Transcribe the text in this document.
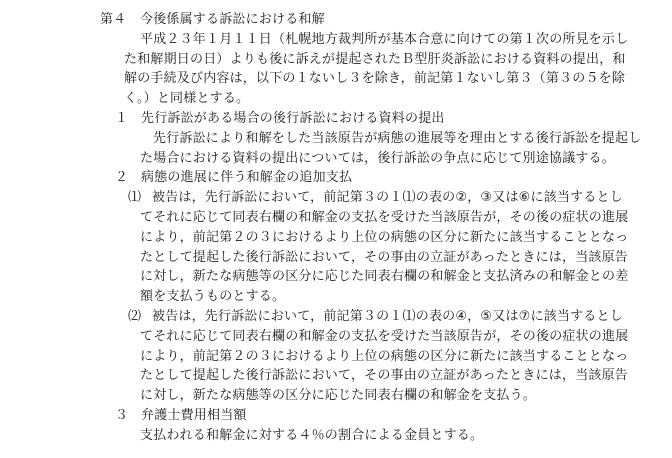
第４ 今後係属する訴訟における和解
平成２３年１月１１日（札幌地方裁判所が基本合意に向けての第１次の所見を示し
た和解期日の日）よりも後に訴えが提起されたＢ型肝炎訴訟における資料の提出，和
解の手続及び内容は，以下の１ないし３を除き，前記第１ないし第３（第３の５を除
く。）と同様とする。
１ 先行訴訟がある場合の後行訴訟における資料の提出
先行訴訟により和解をした当該原告が病態の進展等を理由とする後行訴訟を提起し
た場合における資料の提出については，後行訴訟の争点に応じて別途協議する。
２ 病態の進展に伴う和解金の追加支払
⑴ 被告は，先行訴訟において，前記第３の１⑴の表の②，③又は⑥に該当するとし
てそれに応じて同表右欄の和解金の支払を受けた当該原告が，その後の症状の進展
により，前記第２の３におけるより上位の病態の区分に新たに該当することとなっ
たとして提起した後行訴訟において，その事由の立証があったときには，当該原告
に対し，新たな病態等の区分に応じた同表右欄の和解金と支払済みの和解金との差
額を支払うものとする。
⑵ 被告は，先行訴訟において，前記第３の１⑴の表の④，⑤又は⑦に該当するとし
てそれに応じて同表右欄の和解金の支払を受けた当該原告が，その後の症状の進展
により，前記第２の３におけるより上位の病態の区分に新たに該当することとなっ
たとして提起した後行訴訟において，その事由の立証があったときには，当該原告
に対し，新たな病態等の区分に応じた同表右欄の和解金を支払う。
３ 弁護士費用相当額
支払われる和解金に対する４％の割合による金員とする。
